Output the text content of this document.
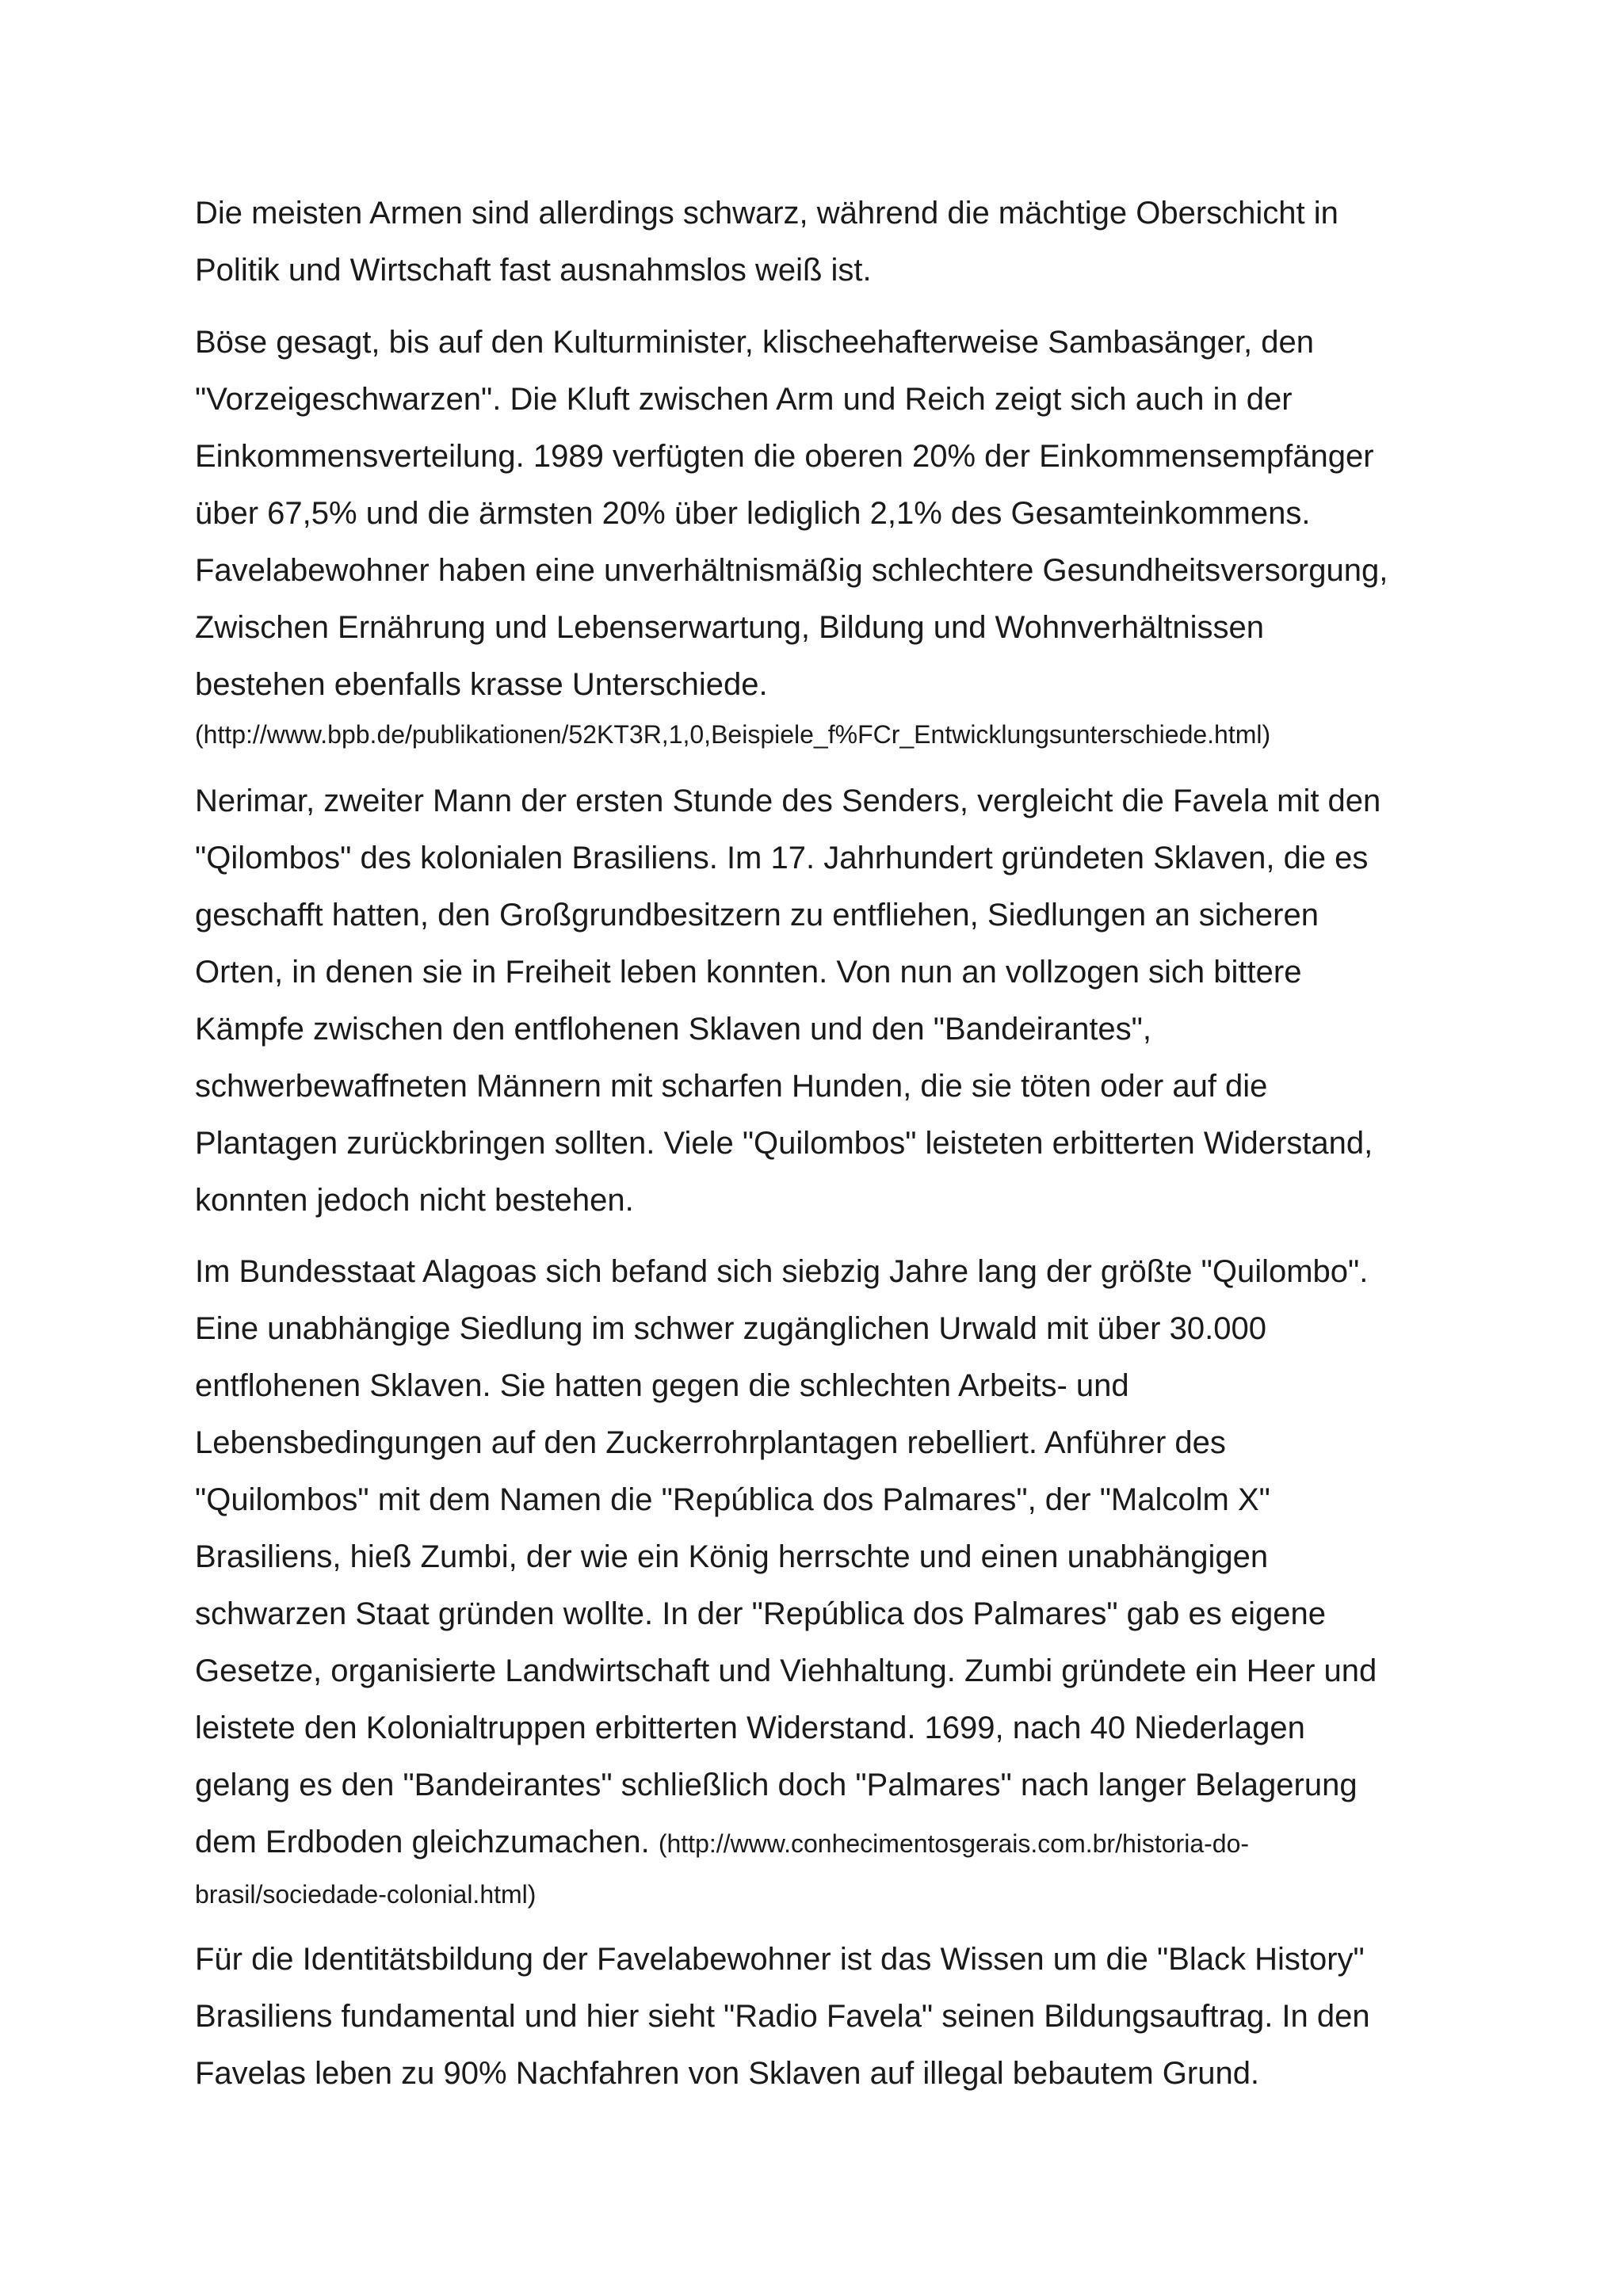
Die meisten Armen sind allerdings schwarz, während die mächtige Oberschicht in
Politik und Wirtschaft fast ausnahmslos weiß ist.
Böse gesagt, bis auf den Kulturminister, klischeehafterweise Sambasänger, den
"Vorzeigeschwarzen". Die Kluft zwischen Arm und Reich zeigt sich auch in der
Einkommensverteilung. 1989 verfügten die oberen 20% der Einkommensempfänger
über 67,5% und die ärmsten 20% über lediglich 2,1% des Gesamteinkommens.
Favelabewohner haben eine unverhältnismäßig schlechtere Gesundheitsversorgung,
Zwischen Ernährung und Lebenserwartung, Bildung und Wohnverhältnissen
bestehen ebenfalls krasse Unterschiede.
(http://www.bpb.de/publikationen/52KT3R,1,0,Beispiele_f%FCr_Entwicklungsunterschiede.html)
Nerimar, zweiter Mann der ersten Stunde des Senders, vergleicht die Favela mit den
"Qilombos" des kolonialen Brasiliens. Im 17. Jahrhundert gründeten Sklaven, die es
geschafft hatten, den Großgrundbesitzern zu entfliehen, Siedlungen an sicheren
Orten, in denen sie in Freiheit leben konnten. Von nun an vollzogen sich bittere
Kämpfe zwischen den entflohenen Sklaven und den "Bandeirantes",
schwerbewaffneten Männern mit scharfen Hunden, die sie töten oder auf die
Plantagen zurückbringen sollten. Viele "Quilombos" leisteten erbitterten Widerstand,
konnten jedoch nicht bestehen.
Im Bundesstaat Alagoas sich befand sich siebzig Jahre lang der größte "Quilombo".
Eine unabhängige Siedlung im schwer zugänglichen Urwald mit über 30.000
entflohenen Sklaven. Sie hatten gegen die schlechten Arbeits- und
Lebensbedingungen auf den Zuckerrohrplantagen rebelliert. Anführer des
"Quilombos" mit dem Namen die "República dos Palmares", der "Malcolm X"
Brasiliens, hieß Zumbi, der wie ein König herrschte und einen unabhängigen
schwarzen Staat gründen wollte. In der "República dos Palmares" gab es eigene
Gesetze, organisierte Landwirtschaft und Viehhaltung. Zumbi gründete ein Heer und
leistete den Kolonialtruppen erbitterten Widerstand. 1699, nach 40 Niederlagen
gelang es den "Bandeirantes" schließlich doch "Palmares" nach langer Belagerung
dem Erdboden gleichzumachen. (http://www.conhecimentosgerais.com.br/historia-do-
brasil/sociedade-colonial.html)
Für die Identitätsbildung der Favelabewohner ist das Wissen um die "Black History"
Brasiliens fundamental und hier sieht "Radio Favela" seinen Bildungsauftrag. In den
Favelas leben zu 90% Nachfahren von Sklaven auf illegal bebautem Grund.
